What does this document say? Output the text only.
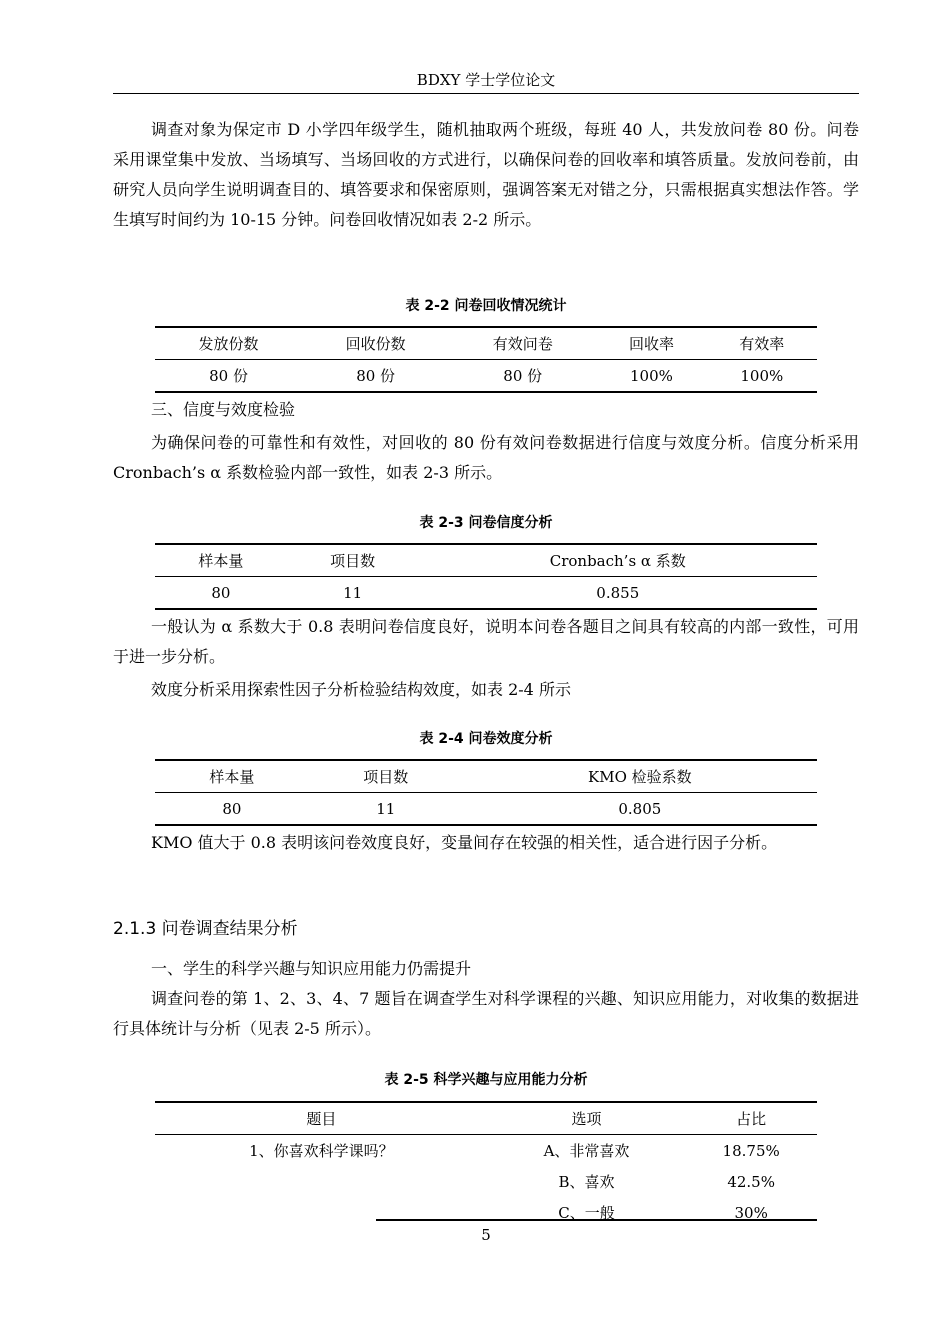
BDXY 学士学位论文

调查对象为保定市 D 小学四年级学生，随机抽取两个班级，每班 40 人，共发放问卷 80 份。问卷采用课堂集中发放、当场填写、当场回收的方式进行，以确保问卷的回收率和填答质量。发放问卷前，由研究人员向学生说明调查目的、填答要求和保密原则，强调答案无对错之分，只需根据真实想法作答。学生填写时间约为 10-15 分钟。问卷回收情况如表 2-2 所示。

表 2-2 问卷回收情况统计
发放份数	回收份数	有效问卷	回收率	有效率
80 份	80 份	80 份	100%	100%

三、信度与效度检验

为确保问卷的可靠性和有效性，对回收的 80 份有效问卷数据进行信度与效度分析。信度分析采用 Cronbach’s α 系数检验内部一致性，如表 2-3 所示。

表 2-3 问卷信度分析
样本量	项目数	Cronbach’s α 系数
80	11	0.855

一般认为 α 系数大于 0.8 表明问卷信度良好，说明本问卷各题目之间具有较高的内部一致性，可用于进一步分析。

效度分析采用探索性因子分析检验结构效度，如表 2-4 所示

表 2-4 问卷效度分析
样本量	项目数	KMO 检验系数
80	11	0.805

KMO 值大于 0.8 表明该问卷效度良好，变量间存在较强的相关性，适合进行因子分析。

2.1.3 问卷调查结果分析

一、学生的科学兴趣与知识应用能力仍需提升

调查问卷的第 1、2、3、4、7 题旨在调查学生对科学课程的兴趣、知识应用能力，对收集的数据进行具体统计与分析（见表 2-5 所示）。

表 2-5 科学兴趣与应用能力分析
题目	选项	占比
1、你喜欢科学课吗？	A、非常喜欢	18.75%
	B、喜欢	42.5%
	C、一般	30%
5
